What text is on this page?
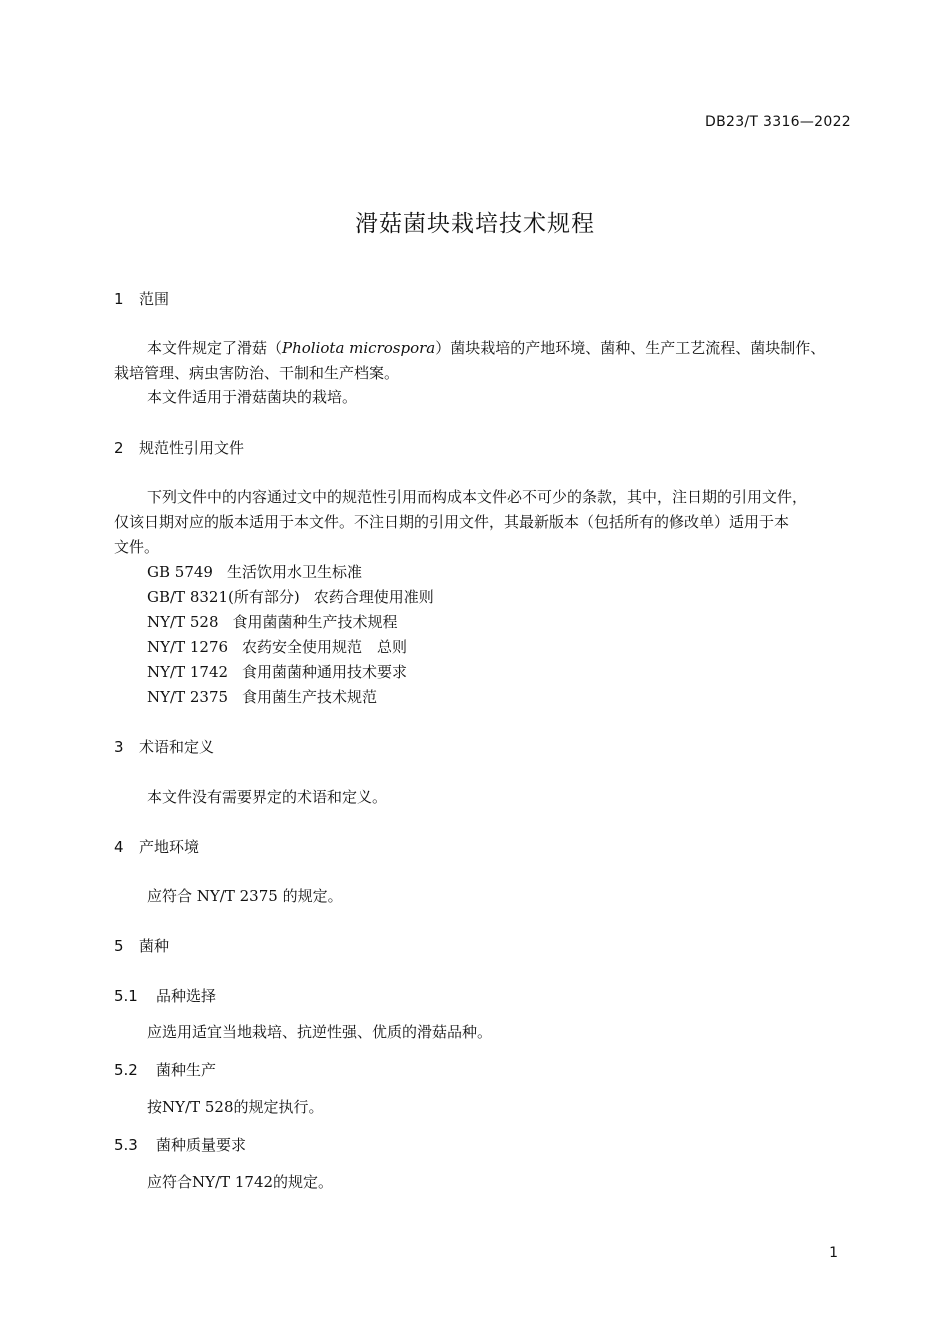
DB23/T 3316—2022
滑菇菌块栽培技术规程
1 范围
本文件规定了滑菇（Pholiota microspora）菌块栽培的产地环境、菌种、生产工艺流程、菌块制作、
栽培管理、病虫害防治、干制和生产档案。
本文件适用于滑菇菌块的栽培。
2 规范性引用文件
下列文件中的内容通过文中的规范性引用而构成本文件必不可少的条款，其中，注日期的引用文件，
仅该日期对应的版本适用于本文件。不注日期的引用文件，其最新版本（包括所有的修改单）适用于本
文件。
GB 5749 生活饮用水卫生标准
GB/T 8321(所有部分) 农药合理使用准则
NY/T 528 食用菌菌种生产技术规程
NY/T 1276 农药安全使用规范　总则
NY/T 1742 食用菌菌种通用技术要求
NY/T 2375 食用菌生产技术规范
3 术语和定义
本文件没有需要界定的术语和定义。
4 产地环境
应符合 NY/T 2375 的规定。
5 菌种
5.1 品种选择
应选用适宜当地栽培、抗逆性强、优质的滑菇品种。
5.2 菌种生产
按NY/T 528的规定执行。
5.3 菌种质量要求
应符合NY/T 1742的规定。
1
